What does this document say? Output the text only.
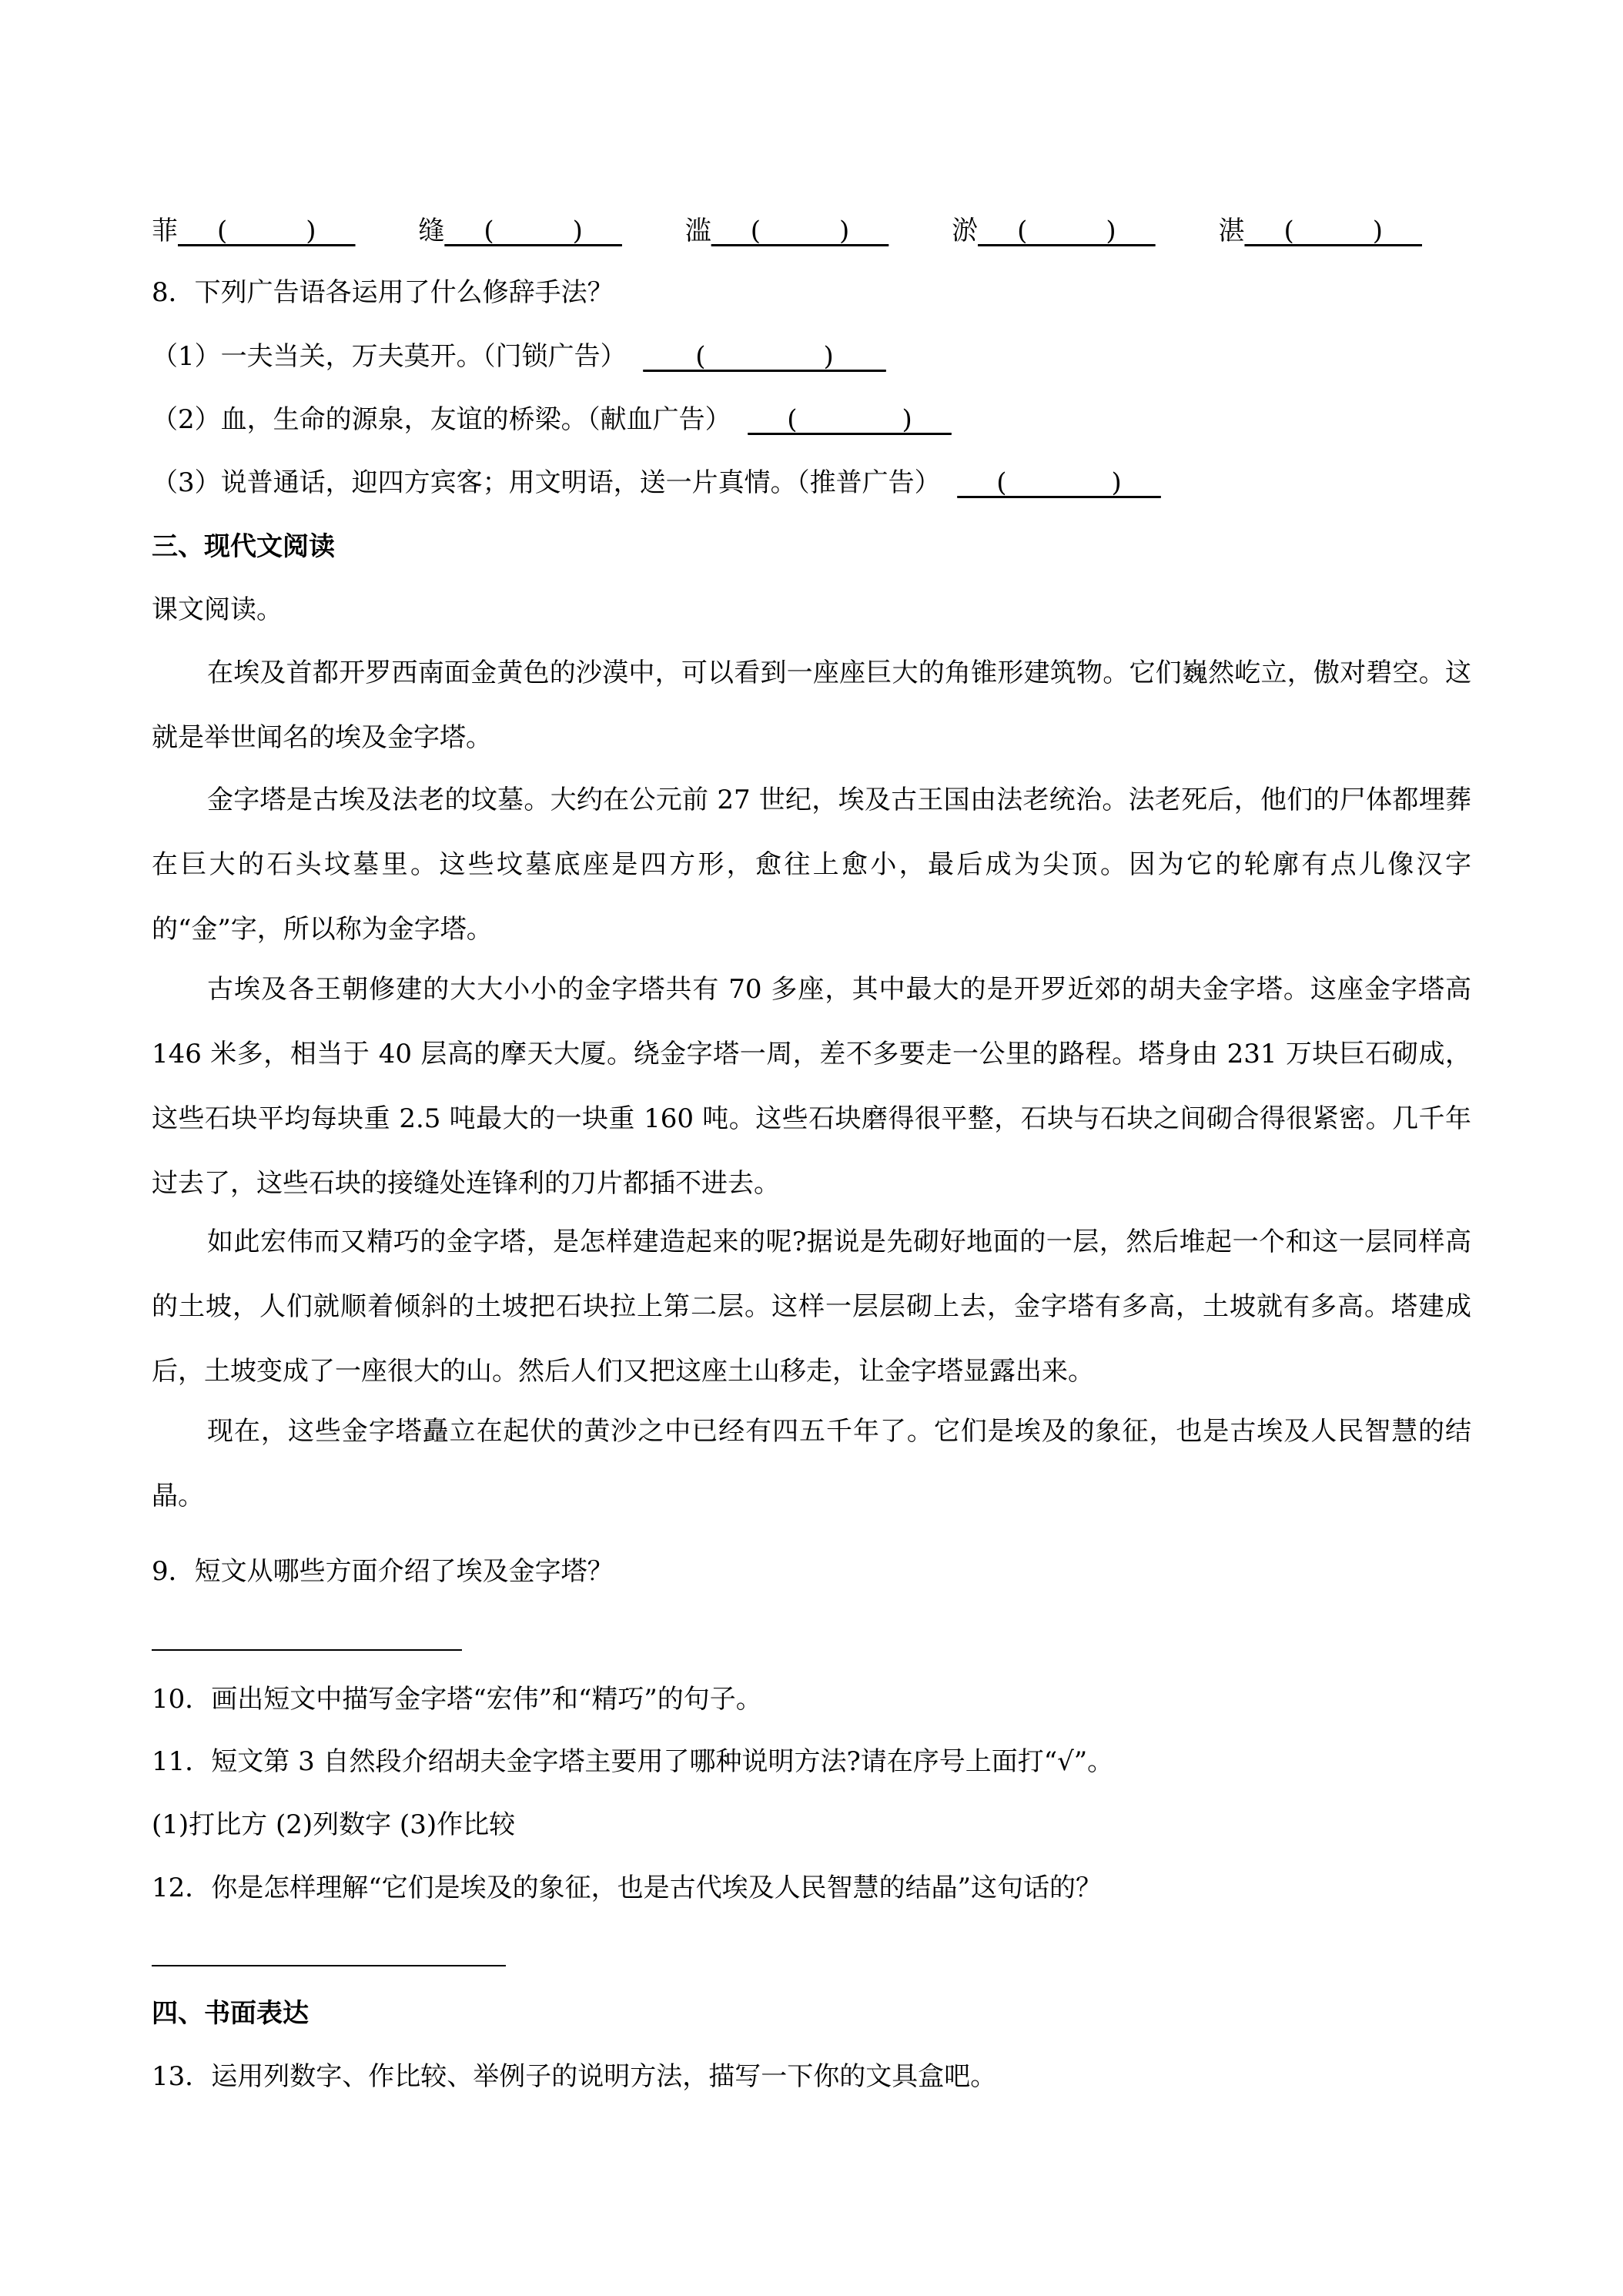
菲 ___(______)___ 缝 ___(______)___ 滥 ___(______)___ 淤 ___(______)___ 湛 ___(______)___
8．下列广告语各运用了什么修辞手法？
（1）一夫当关，万夫莫开。（门锁广告） ____(_________)____
（2）血，生命的源泉，友谊的桥梁。（献血广告） ___(________)___
（3）说普通话，迎四方宾客；用文明语，送一片真情。（推普广告） ___(________)___
三、现代文阅读
课文阅读。
在埃及首都开罗西南面金黄色的沙漠中，可以看到一座座巨大的角锥形建筑物。它们巍然屹立，傲对碧空。这就是举世闻名的埃及金字塔。
金字塔是古埃及法老的坟墓。大约在公元前 27 世纪，埃及古王国由法老统治。法老死后，他们的尸体都埋葬在巨大的石头坟墓里。这些坟墓底座是四方形，愈往上愈小，最后成为尖顶。因为它的轮廓有点儿像汉字的“金”字，所以称为金字塔。
古埃及各王朝修建的大大小小的金字塔共有 70 多座，其中最大的是开罗近郊的胡夫金字塔。这座金字塔高 146 米多，相当于 40 层高的摩天大厦。绕金字塔一周，差不多要走一公里的路程。塔身由 231 万块巨石砌成，这些石块平均每块重 2.5 吨最大的一块重 160 吨。这些石块磨得很平整，石块与石块之间砌合得很紧密。几千年过去了，这些石块的接缝处连锋利的刀片都插不进去。
如此宏伟而又精巧的金字塔，是怎样建造起来的呢?据说是先砌好地面的一层，然后堆起一个和这一层同样高的土坡，人们就顺着倾斜的土坡把石块拉上第二层。这样一层层砌上去，金字塔有多高，土坡就有多高。塔建成后，土坡变成了一座很大的山。然后人们又把这座土山移走，让金字塔显露出来。
现在，这些金字塔矗立在起伏的黄沙之中已经有四五千年了。它们是埃及的象征，也是古埃及人民智慧的结晶。
9．短文从哪些方面介绍了埃及金字塔？
10．画出短文中描写金字塔“宏伟”和“精巧”的句子。
11．短文第 3 自然段介绍胡夫金字塔主要用了哪种说明方法?请在序号上面打“√”。
(1)打比方 (2)列数字 (3)作比较
12．你是怎样理解“它们是埃及的象征，也是古代埃及人民智慧的结晶”这句话的？
四、书面表达
13．运用列数字、作比较、举例子的说明方法，描写一下你的文具盒吧。
